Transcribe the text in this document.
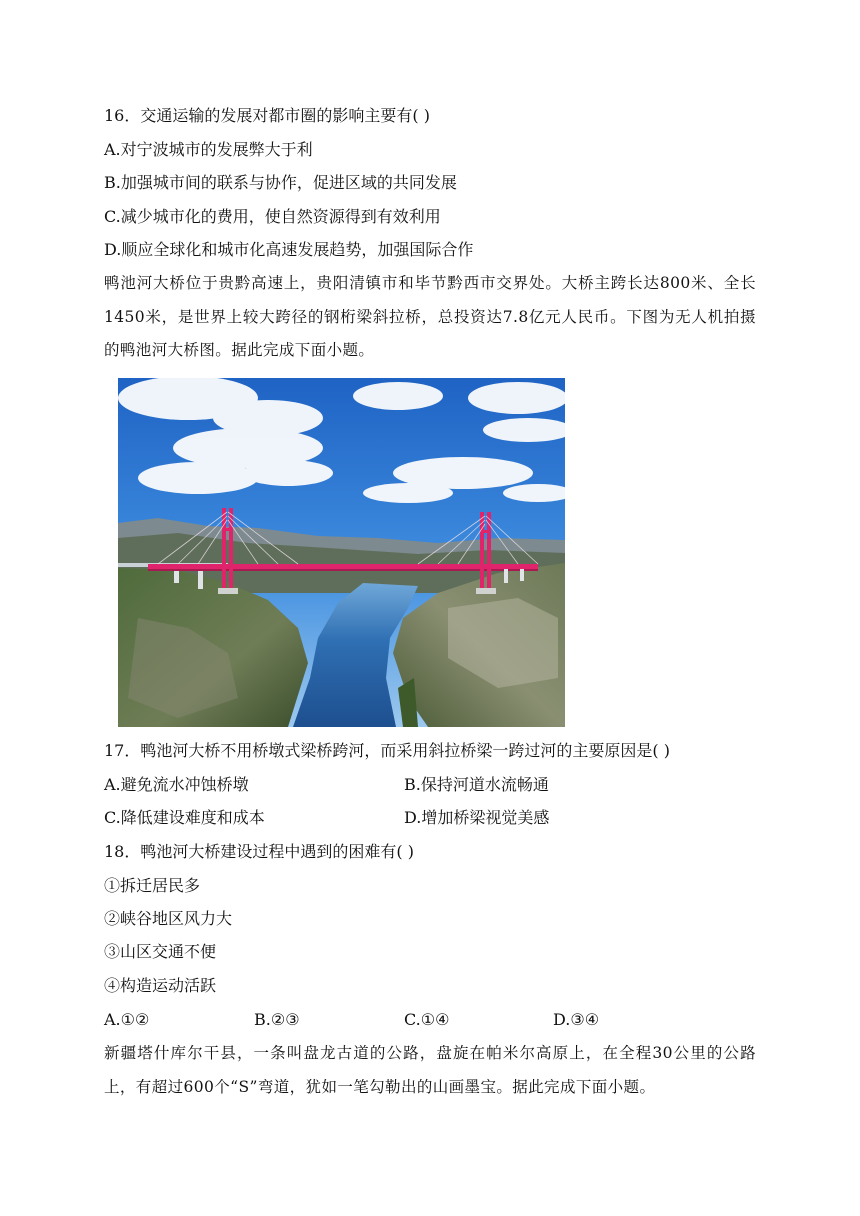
16．交通运输的发展对都市圈的影响主要有( )
A.对宁波城市的发展弊大于利
B.加强城市间的联系与协作，促进区域的共同发展
C.减少城市化的费用，使自然资源得到有效利用
D.顺应全球化和城市化高速发展趋势，加强国际合作
鸭池河大桥位于贵黔高速上，贵阳清镇市和毕节黔西市交界处。大桥主跨长达800米、全长1450米，是世界上较大跨径的钢桁梁斜拉桥，总投资达7.8亿元人民币。下图为无人机拍摄的鸭池河大桥图。据此完成下面小题。
17．鸭池河大桥不用桥墩式梁桥跨河，而采用斜拉桥梁一跨过河的主要原因是( )
A.避免流水冲蚀桥墩	B.保持河道水流畅通
C.降低建设难度和成本	D.增加桥梁视觉美感
18．鸭池河大桥建设过程中遇到的困难有( )
①拆迁居民多
②峡谷地区风力大
③山区交通不便
④构造运动活跃
A.①②	B.②③	C.①④	D.③④
新疆塔什库尔干县，一条叫盘龙古道的公路，盘旋在帕米尔高原上，在全程30公里的公路上，有超过600个“S”弯道，犹如一笔勾勒出的山画墨宝。据此完成下面小题。
